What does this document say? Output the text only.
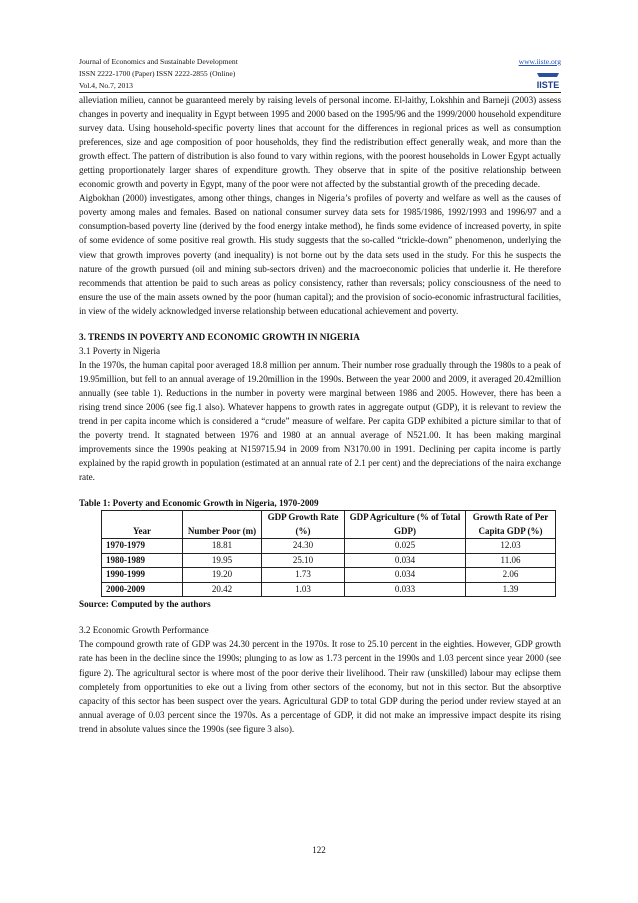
Journal of Economics and Sustainable Development
ISSN 2222-1700 (Paper) ISSN 2222-2855 (Online)
Vol.4, No.7, 2013
www.iiste.org
IISTE

alleviation milieu, cannot be guaranteed merely by raising levels of personal income. El-laithy, Lokshhin and Barneji (2003) assess changes in poverty and inequality in Egypt between 1995 and 2000 based on the 1995/96 and the 1999/2000 household expenditure survey data. Using household-specific poverty lines that account for the differences in regional prices as well as consumption preferences, size and age composition of poor households, they find the redistribution effect generally weak, and more than the growth effect. The pattern of distribution is also found to vary within regions, with the poorest households in Lower Egypt actually getting proportionately larger shares of expenditure growth. They observe that in spite of the positive relationship between economic growth and poverty in Egypt, many of the poor were not affected by the substantial growth of the preceding decade.

Aigbokhan (2000) investigates, among other things, changes in Nigeria’s profiles of poverty and welfare as well as the causes of poverty among males and females. Based on national consumer survey data sets for 1985/1986, 1992/1993 and 1996/97 and a consumption-based poverty line (derived by the food energy intake method), he finds some evidence of increased poverty, in spite of some evidence of some positive real growth. His study suggests that the so-called “trickle-down” phenomenon, underlying the view that growth improves poverty (and inequality) is not borne out by the data sets used in the study. For this he suspects the nature of the growth pursued (oil and mining sub-sectors driven) and the macroeconomic policies that underlie it. He therefore recommends that attention be paid to such areas as policy consistency, rather than reversals; policy consciousness of the need to ensure the use of the main assets owned by the poor (human capital); and the provision of socio-economic infrastructural facilities, in view of the widely acknowledged inverse relationship between educational achievement and poverty.

3. TRENDS IN POVERTY AND ECONOMIC GROWTH IN NIGERIA

3.1 Poverty in Nigeria

In the 1970s, the human capital poor averaged 18.8 million per annum. Their number rose gradually through the 1980s to a peak of 19.95million, but fell to an annual average of 19.20million in the 1990s. Between the year 2000 and 2009, it averaged 20.42million annually (see table 1). Reductions in the number in poverty were marginal between 1986 and 2005. However, there has been a rising trend since 2006 (see fig.1 also). Whatever happens to growth rates in aggregate output (GDP), it is relevant to review the trend in per capita income which is considered a “crude” measure of welfare. Per capita GDP exhibited a picture similar to that of the poverty trend. It stagnated between 1976 and 1980 at an annual average of N521.00. It has been making marginal improvements since the 1990s peaking at N159715.94 in 2009 from N3170.00 in 1991. Declining per capita income is partly explained by the rapid growth in population (estimated at an annual rate of 2.1 per cent) and the depreciations of the naira exchange rate.

Table 1: Poverty and Economic Growth in Nigeria, 1970-2009

Year	Number Poor (m)	GDP Growth Rate (%)	GDP Agriculture (% of Total GDP)	Growth Rate of Per Capita GDP (%)
1970-1979	18.81	24.30	0.025	12.03
1980-1989	19.95	25.10	0.034	11.06
1990-1999	19.20	1.73	0.034	2.06
2000-2009	20.42	1.03	0.033	1.39

Source: Computed by the authors

3.2 Economic Growth Performance

The compound growth rate of GDP was 24.30 percent in the 1970s. It rose to 25.10 percent in the eighties. However, GDP growth rate has been in the decline since the 1990s; plunging to as low as 1.73 percent in the 1990s and 1.03 percent since year 2000 (see figure 2). The agricultural sector is where most of the poor derive their livelihood. Their raw (unskilled) labour may eclipse them completely from opportunities to eke out a living from other sectors of the economy, but not in this sector. But the absorptive capacity of this sector has been suspect over the years. Agricultural GDP to total GDP during the period under review stayed at an annual average of 0.03 percent since the 1970s. As a percentage of GDP, it did not make an impressive impact despite its rising trend in absolute values since the 1990s (see figure 3 also).

122
